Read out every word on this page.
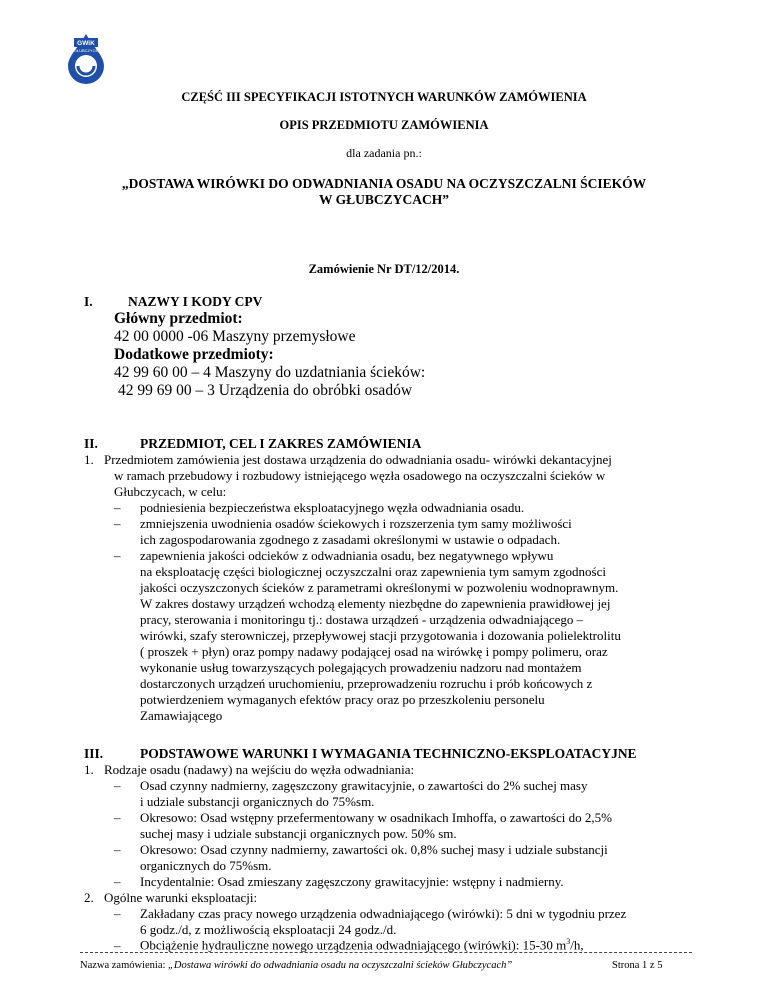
GWiK
GŁUBCZYCE
CZĘŚĆ III SPECYFIKACJI ISTOTNYCH WARUNKÓW ZAMÓWIENIA
OPIS PRZEDMIOTU ZAMÓWIENIA
dla zadania pn.:
„DOSTAWA WIRÓWKI DO ODWADNIANIA OSADU NA OCZYSZCZALNI ŚCIEKÓW
W GŁUBCZYCACH”
Zamówienie Nr DT/12/2014.
I.	NAZWY I KODY CPV
Główny przedmiot:
42 00 0000 -06 Maszyny przemysłowe
Dodatkowe przedmioty:
42 99 60 00 – 4 Maszyny do uzdatniania ścieków:
42 99 69 00 – 3 Urządzenia do obróbki osadów
II.	PRZEDMIOT, CEL I ZAKRES ZAMÓWIENIA
1. Przedmiotem zamówienia jest dostawa urządzenia do odwadniania osadu- wirówki dekantacyjnej
w ramach przebudowy i rozbudowy istniejącego węzła osadowego na oczyszczalni ścieków w
Głubczycach, w celu:
– podniesienia bezpieczeństwa eksploatacyjnego węzła odwadniania osadu.
– zmniejszenia uwodnienia osadów ściekowych i rozszerzenia tym samy możliwości
ich zagospodarowania zgodnego z zasadami określonymi w ustawie o odpadach.
– zapewnienia jakości odcieków z odwadniania osadu, bez negatywnego wpływu
na eksploatację części biologicznej oczyszczalni oraz zapewnienia tym samym zgodności
jakości oczyszczonych ścieków z parametrami określonymi w pozwoleniu wodnoprawnym.
W zakres dostawy urządzeń wchodzą elementy niezbędne do zapewnienia prawidłowej jej
pracy, sterowania i monitoringu tj.: dostawa urządzeń - urządzenia odwadniającego –
wirówki, szafy sterowniczej, przepływowej stacji przygotowania i dozowania polielektrolitu
( proszek + płyn) oraz pompy nadawy podającej osad na wirówkę i pompy polimeru, oraz
wykonanie usług towarzyszących polegających prowadzeniu nadzoru nad montażem
dostarczonych urządzeń uruchomieniu, przeprowadzeniu rozruchu i prób końcowych z
potwierdzeniem wymaganych efektów pracy oraz po przeszkoleniu personelu
Zamawiającego
III.	PODSTAWOWE WARUNKI I WYMAGANIA TECHNICZNO-EKSPLOATACYJNE
1. Rodzaje osadu (nadawy) na wejściu do węzła odwadniania:
– Osad czynny nadmierny, zagęszczony grawitacyjnie, o zawartości do 2% suchej masy
i udziale substancji organicznych do 75%sm.
– Okresowo: Osad wstępny przefermentowany w osadnikach Imhoffa, o zawartości do 2,5%
suchej masy i udziale substancji organicznych pow. 50% sm.
– Okresowo: Osad czynny nadmierny, zawartości ok. 0,8% suchej masy i udziale substancji
organicznych do 75%sm.
– Incydentalnie: Osad zmieszany zagęszczony grawitacyjnie: wstępny i nadmierny.
2. Ogólne warunki eksploatacji:
– Zakładany czas pracy nowego urządzenia odwadniającego (wirówki): 5 dni w tygodniu przez
6 godz./d, z możliwością eksploatacji 24 godz./d.
– Obciążenie hydrauliczne nowego urządzenia odwadniającego (wirówki): 15-30 $m^3/h$,
Nazwa zamówienia: „Dostawa wirówki do odwadniania osadu na oczyszczalni ścieków Głubczycach”	Strona 1 z 5
